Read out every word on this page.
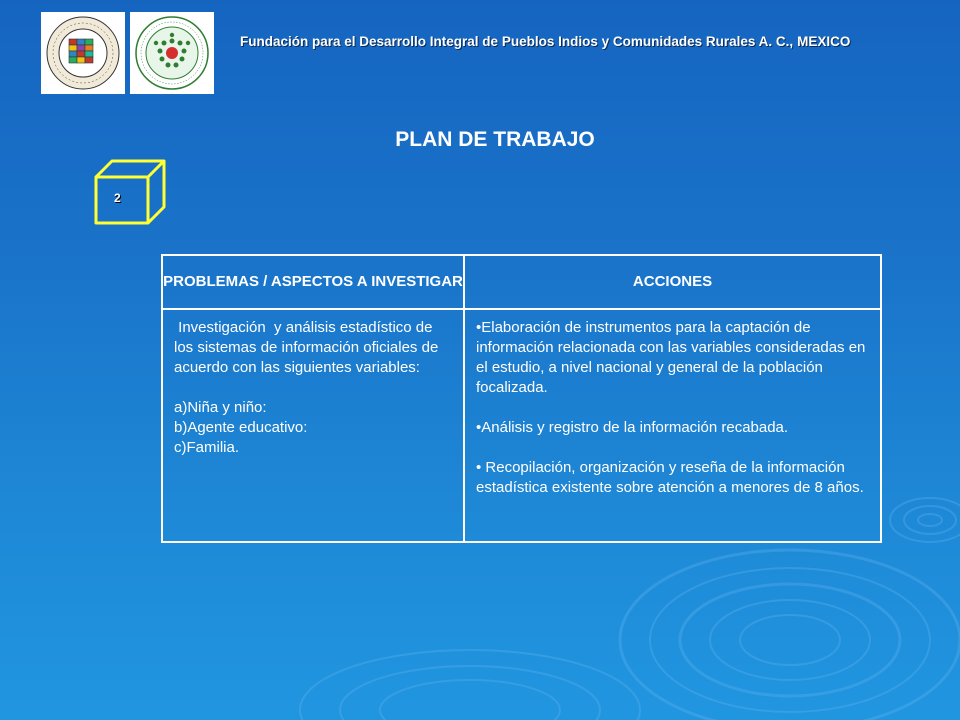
Fundación para el Desarrollo Integral de Pueblos Indios y Comunidades Rurales A. C., MEXICO
PLAN DE TRABAJO
2
PROBLEMAS / ASPECTOS A INVESTIGAR	ACCIONES

Investigación  y análisis estadístico de los sistemas de información oficiales de acuerdo con las siguientes variables:

a)Niña y niño:

b)Agente educativo:

c)Familia.

•Elaboración de instrumentos para la captación de información relacionada con las variables consideradas en el estudio, a nivel nacional y general de la población focalizada.

•Análisis y registro de la información recabada.

• Recopilación, organización y reseña de la información estadística existente sobre atención a menores de 8 años.
